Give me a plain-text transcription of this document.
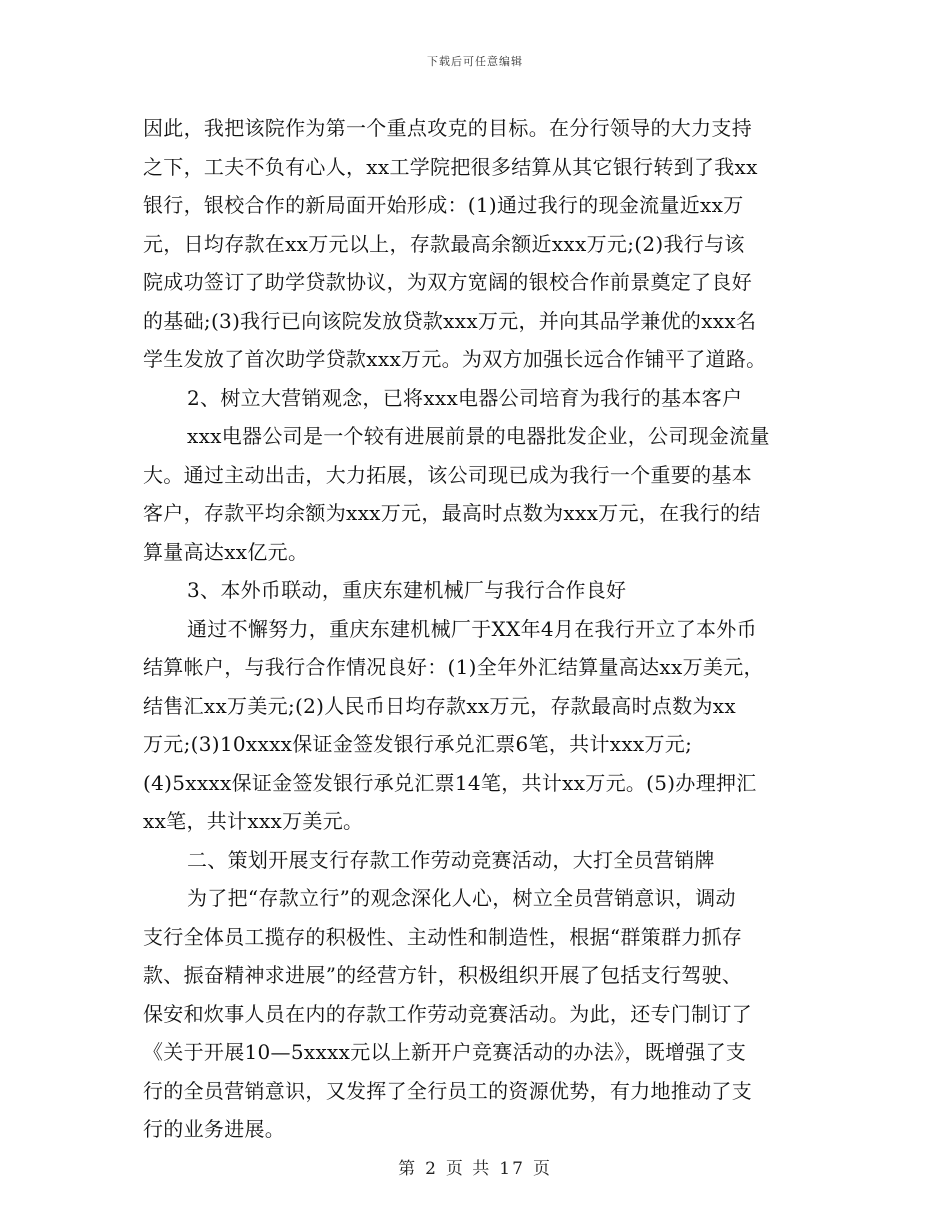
下载后可任意编辑
因此，我把该院作为第一个重点攻克的目标。在分行领导的大力支持
之下，工夫不负有心人，xx工学院把很多结算从其它银行转到了我xx
银行，银校合作的新局面开始形成：(1)通过我行的现金流量近xx万
元，日均存款在xx万元以上，存款最高余额近xxx万元;(2)我行与该
院成功签订了助学贷款协议，为双方宽阔的银校合作前景奠定了良好
的基础;(3)我行已向该院发放贷款xxx万元，并向其品学兼优的xxx名
学生发放了首次助学贷款xxx万元。为双方加强长远合作铺平了道路。
2、树立大营销观念，已将xxx电器公司培育为我行的基本客户
xxx电器公司是一个较有进展前景的电器批发企业，公司现金流量
大。通过主动出击，大力拓展，该公司现已成为我行一个重要的基本
客户，存款平均余额为xxx万元，最高时点数为xxx万元，在我行的结
算量高达xx亿元。
3、本外币联动，重庆东建机械厂与我行合作良好
通过不懈努力，重庆东建机械厂于XX年4月在我行开立了本外币
结算帐户，与我行合作情况良好：(1)全年外汇结算量高达xx万美元，
结售汇xx万美元;(2)人民币日均存款xx万元，存款最高时点数为xx
万元;(3)10xxxx保证金签发银行承兑汇票6笔，共计xxx万元;
(4)5xxxx保证金签发银行承兑汇票14笔，共计xx万元。(5)办理押汇
xx笔，共计xxx万美元。
二、策划开展支行存款工作劳动竞赛活动，大打全员营销牌
为了把“存款立行”的观念深化人心，树立全员营销意识，调动
支行全体员工揽存的积极性、主动性和制造性，根据“群策群力抓存
款、振奋精神求进展”的经营方针，积极组织开展了包括支行驾驶、
保安和炊事人员在内的存款工作劳动竞赛活动。为此，还专门制订了
《关于开展10—5xxxx元以上新开户竞赛活动的办法》，既增强了支
行的全员营销意识，又发挥了全行员工的资源优势，有力地推动了支
行的业务进展。
第 2 页 共 17 页
